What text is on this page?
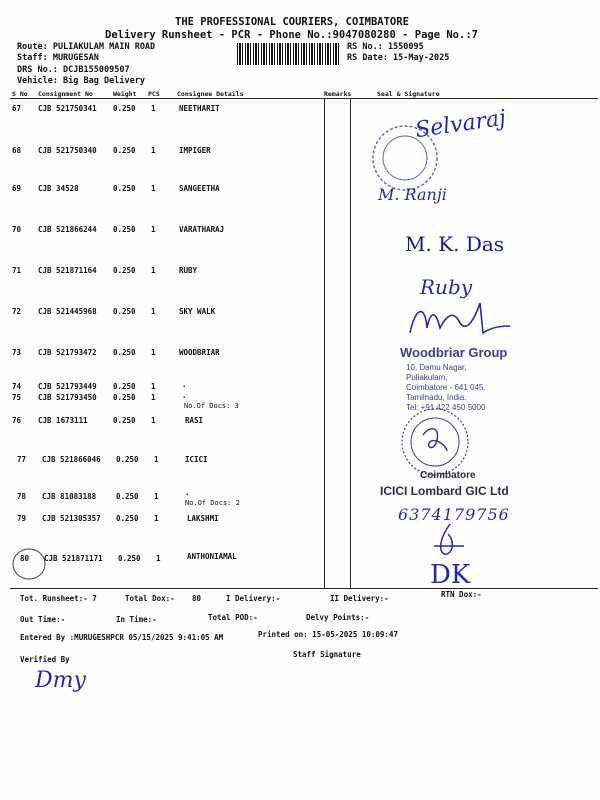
THE PROFESSIONAL COURIERS, COIMBATORE
Delivery Runsheet - PCR - Phone No.:9047080280 - Page No.:7
Route: PULIAKULAM MAIN ROAD
Staff: MURUGESAN
DRS No.: DCJB155009507
Vehicle: Big Bag Delivery
RS No.: 1550095
RS Date: 15-May-2025
S No Consignment No	Weight PCS	Consignee Details	Remarks	Seal & Signature
67 CJB 521750341 0.250 1	NEETHARIT
68 CJB 521750340 0.250 1	IMPIGER
69 CJB 34528	0.250 1	SANGEETHA
70 CJB 521866244 0.250 1	VARATHARAJ
71 CJB 521871164 0.250 1	RUBY
72 CJB 521445968 0.250 1	SKY WALK
73 CJB 521793472 0.250 1	WOODBRIAR
74 CJB 521793449 0.250 1	.
75 CJB 521793450 0.250 1	.
No.Of Docs: 3
76 CJB 1673111	0.250 1	RASI
77 CJB 521866046 0.250 1	ICICI
78 CJB 81083188	0.250 1	.
No.Of Docs: 2
79 CJB 521305357 0.250 1	LAKSHMI
80 CJB 521871171 0.250 1	ANTHONIAMAL
Selvaraj
M. Ranji
M. K. Das
Ruby
Woodbriar Group
10, Damu Nagar,
Puliakulam,
Coimbatore - 641 045.
Tamilnadu, India.
Tel: +91 422 450 5000
Coimbatore
ICICI Lombard GIC Ltd
6374179756
DK
Tot. Runsheet:- 7	Total Dox:- 80	I Delivery:-	II Delivery:-	RTN Dox:-
Out Time:-	In Time:-	Total POD:-	Delvy Points:-
Entered By :MURUGESHPCR 05/15/2025 9:41:05 AM	Printed on: 15-05-2025 10:09:47
Verified By
Staff Signature
Dmy
